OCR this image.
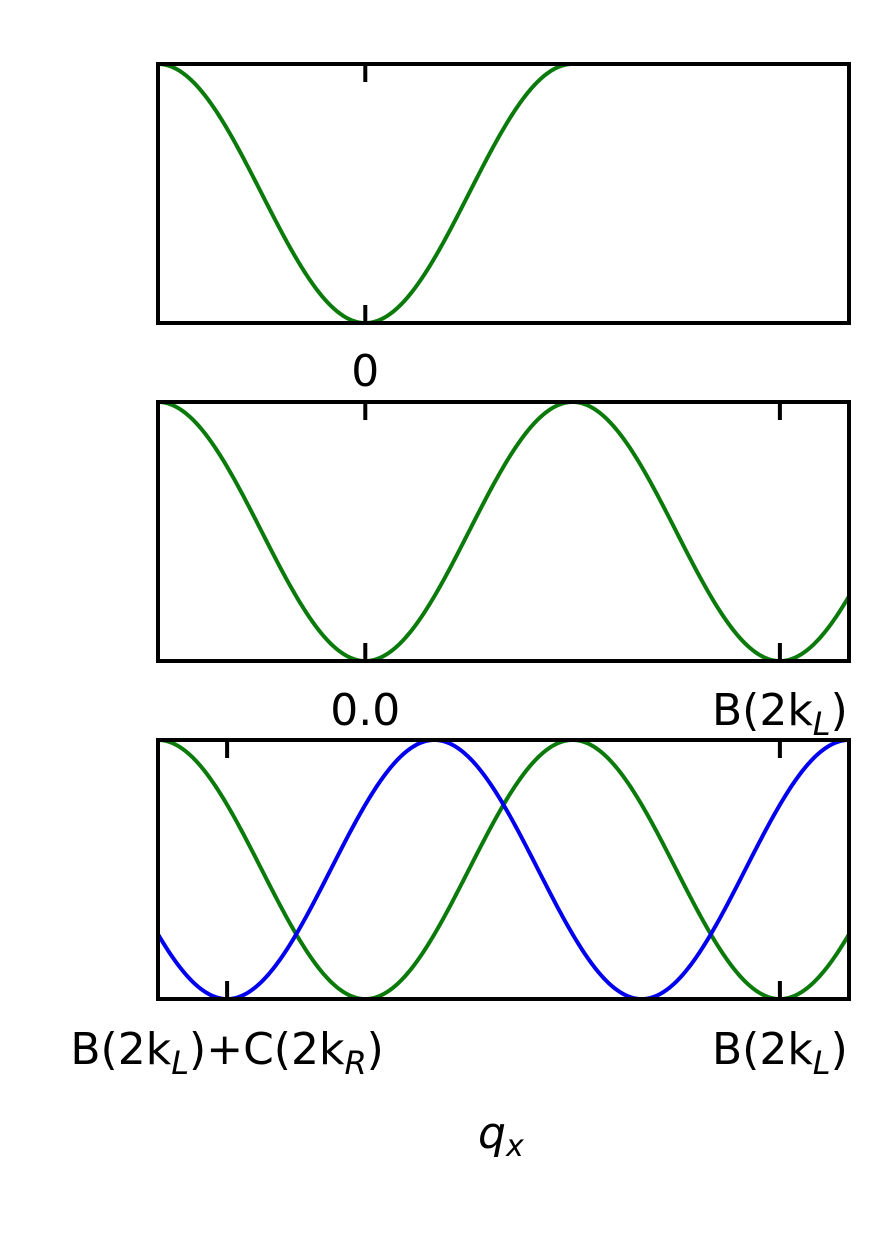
0
0.0	$B(2k_L)$
$B(2k_L)+C(2k_R)$	$B(2k_L)$
qx
